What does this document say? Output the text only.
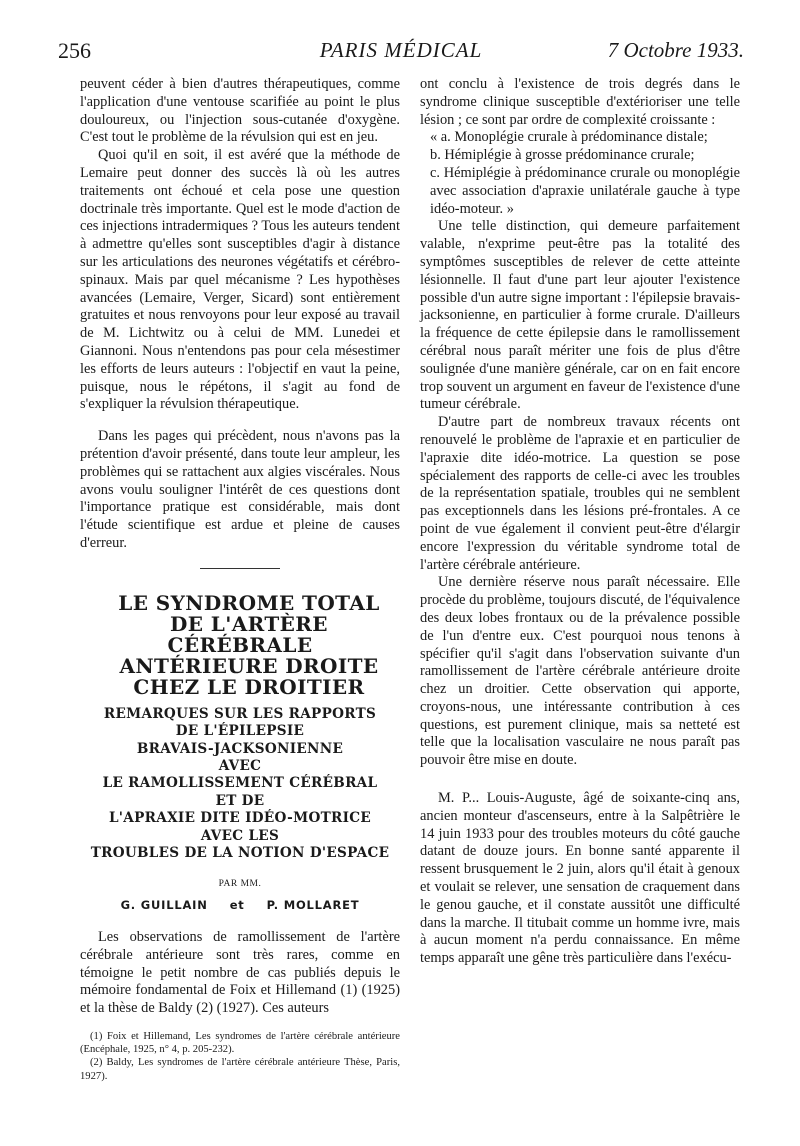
256	PARIS MÉDICAL	7 Octobre 1933.

peuvent céder à bien d'autres thérapeutiques, comme l'application d'une ventouse scarifiée au point le plus douloureux, ou l'injection sous-cutanée d'oxygène. C'est tout le problème de la révulsion qui est en jeu.

Quoi qu'il en soit, il est avéré que la méthode de Lemaire peut donner des succès là où les autres traitements ont échoué et cela pose une question doctrinale très importante. Quel est le mode d'action de ces injections intradermiques ? Tous les auteurs tendent à admettre qu'elles sont susceptibles d'agir à distance sur les articulations des neurones végétatifs et cérébro-spinaux. Mais par quel mécanisme ? Les hypothèses avancées (Lemaire, Verger, Sicard) sont entièrement gratuites et nous renvoyons pour leur exposé au travail de M. Lichtwitz ou à celui de MM. Lunedei et Giannoni. Nous n'entendons pas pour cela mésestimer les efforts de leurs auteurs : l'objectif en vaut la peine, puisque, nous le répétons, il s'agit au fond de s'expliquer la révulsion thérapeutique.

Dans les pages qui précèdent, nous n'avons pas la prétention d'avoir présenté, dans toute leur ampleur, les problèmes qui se rattachent aux algies viscérales. Nous avons voulu souligner l'intérêt de ces questions dont l'importance pratique est considérable, mais dont l'étude scientifique est ardue et pleine de causes d'erreur.

LE SYNDROME TOTAL

DE L'ARTÈRE CÉRÉBRALE

ANTÉRIEURE DROITE

CHEZ LE DROITIER

REMARQUES SUR LES RAPPORTS
DE L'ÉPILEPSIE
BRAVAIS-JACKSONIENNE
AVEC
LE RAMOLLISSEMENT CÉRÉBRAL
ET DE
L'APRAXIE DITE IDÉO-MOTRICE
AVEC LES
TROUBLES DE LA NOTION D'ESPACE
PAR MM.
G. GUILLAIN et P. MOLLARET

Les observations de ramollissement de l'artère cérébrale antérieure sont très rares, comme en témoigne le petit nombre de cas publiés depuis le mémoire fondamental de Foix et Hillemand (1) (1925) et la thèse de Baldy (2) (1927). Ces auteurs

(1) Foix et Hillemand, Les syndromes de l'artère cérébrale antérieure (Encéphale, 1925, n° 4, p. 205-232).

(2) Baldy, Les syndromes de l'artère cérébrale antérieure Thèse, Paris, 1927).

ont conclu à l'existence de trois degrés dans le syndrome clinique susceptible d'extérioriser une telle lésion ; ce sont par ordre de complexité croissante :

« a. Monoplégie crurale à prédominance distale;

b. Hémiplégie à grosse prédominance crurale;

c. Hémiplégie à prédominance crurale ou monoplégie avec association d'apraxie unilatérale gauche à type idéo-moteur. »

Une telle distinction, qui demeure parfaitement valable, n'exprime peut-être pas la totalité des symptômes susceptibles de relever de cette atteinte lésionnelle. Il faut d'une part leur ajouter l'existence possible d'un autre signe important : l'épilepsie bravais-jacksonienne, en particulier à forme crurale. D'ailleurs la fréquence de cette épilepsie dans le ramollissement cérébral nous paraît mériter une fois de plus d'être soulignée d'une manière générale, car on en fait encore trop souvent un argument en faveur de l'existence d'une tumeur cérébrale.

D'autre part de nombreux travaux récents ont renouvelé le problème de l'apraxie et en particulier de l'apraxie dite idéo-motrice. La question se pose spécialement des rapports de celle-ci avec les troubles de la représentation spatiale, troubles qui ne semblent pas exceptionnels dans les lésions pré-frontales. A ce point de vue également il convient peut-être d'élargir encore l'expression du véritable syndrome total de l'artère cérébrale antérieure.

Une dernière réserve nous paraît nécessaire. Elle procède du problème, toujours discuté, de l'équivalence des deux lobes frontaux ou de la prévalence possible de l'un d'entre eux. C'est pourquoi nous tenons à spécifier qu'il s'agit dans l'observation suivante d'un ramollissement de l'artère cérébrale antérieure droite chez un droitier. Cette observation qui apporte, croyons-nous, une intéressante contribution à ces questions, est purement clinique, mais sa netteté est telle que la localisation vasculaire ne nous paraît pas pouvoir être mise en doute.

M. P... Louis-Auguste, âgé de soixante-cinq ans, ancien monteur d'ascenseurs, entre à la Salpêtrière le 14 juin 1933 pour des troubles moteurs du côté gauche datant de douze jours. En bonne santé apparente il ressent brusquement le 2 juin, alors qu'il était à genoux et voulait se relever, une sensation de craquement dans le genou gauche, et il constate aussitôt une difficulté dans la marche. Il titubait comme un homme ivre, mais à aucun moment n'a perdu connaissance. En même temps apparaît une gêne très particulière dans l'exécu-
